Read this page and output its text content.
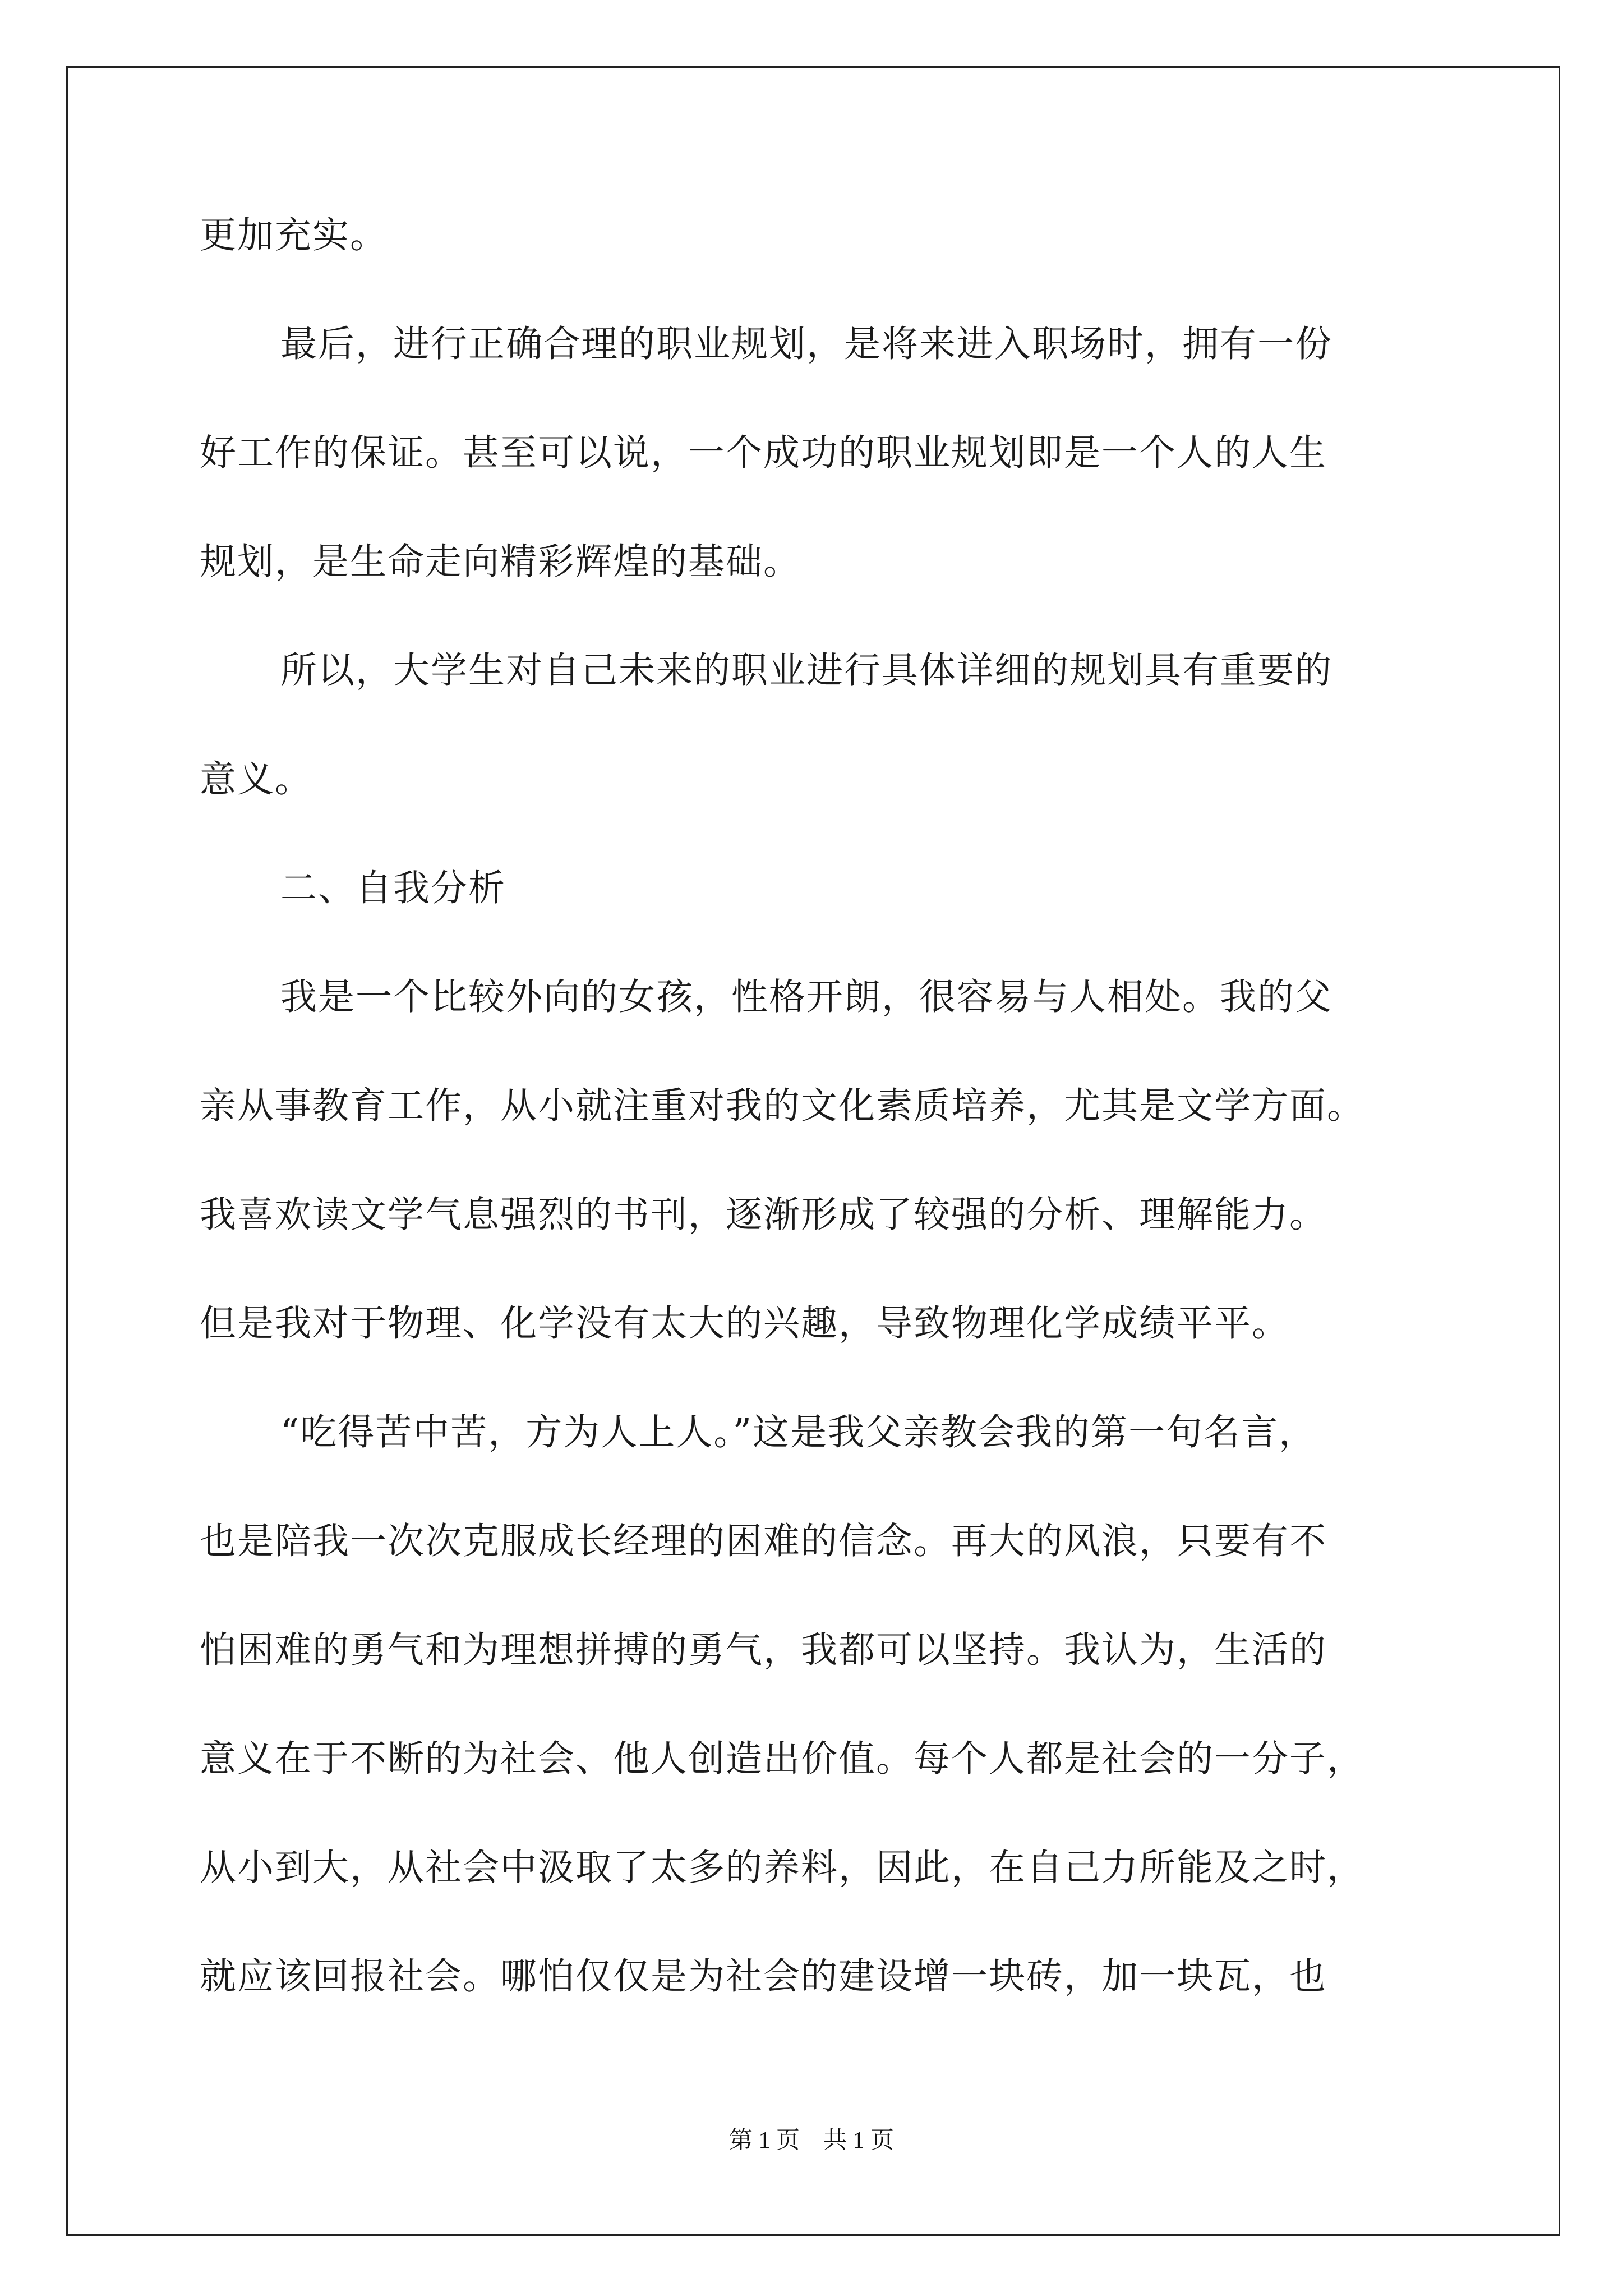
更加充实。
最后，进行正确合理的职业规划，是将来进入职场时，拥有一份
好工作的保证。甚至可以说，一个成功的职业规划即是一个人的人生
规划，是生命走向精彩辉煌的基础。
所以，大学生对自己未来的职业进行具体详细的规划具有重要的
意义。
二、自我分析
我是一个比较外向的女孩，性格开朗，很容易与人相处。我的父
亲从事教育工作，从小就注重对我的文化素质培养，尤其是文学方面。
我喜欢读文学气息强烈的书刊，逐渐形成了较强的分析、理解能力。
但是我对于物理、化学没有太大的兴趣，导致物理化学成绩平平。
“吃得苦中苦，方为人上人。”这是我父亲教会我的第一句名言，
也是陪我一次次克服成长经理的困难的信念。再大的风浪，只要有不
怕困难的勇气和为理想拼搏的勇气，我都可以坚持。我认为，生活的
意义在于不断的为社会、他人创造出价值。每个人都是社会的一分子，
从小到大，从社会中汲取了太多的养料，因此，在自己力所能及之时，
就应该回报社会。哪怕仅仅是为社会的建设增一块砖，加一块瓦，也
第 1 页　共 1 页
